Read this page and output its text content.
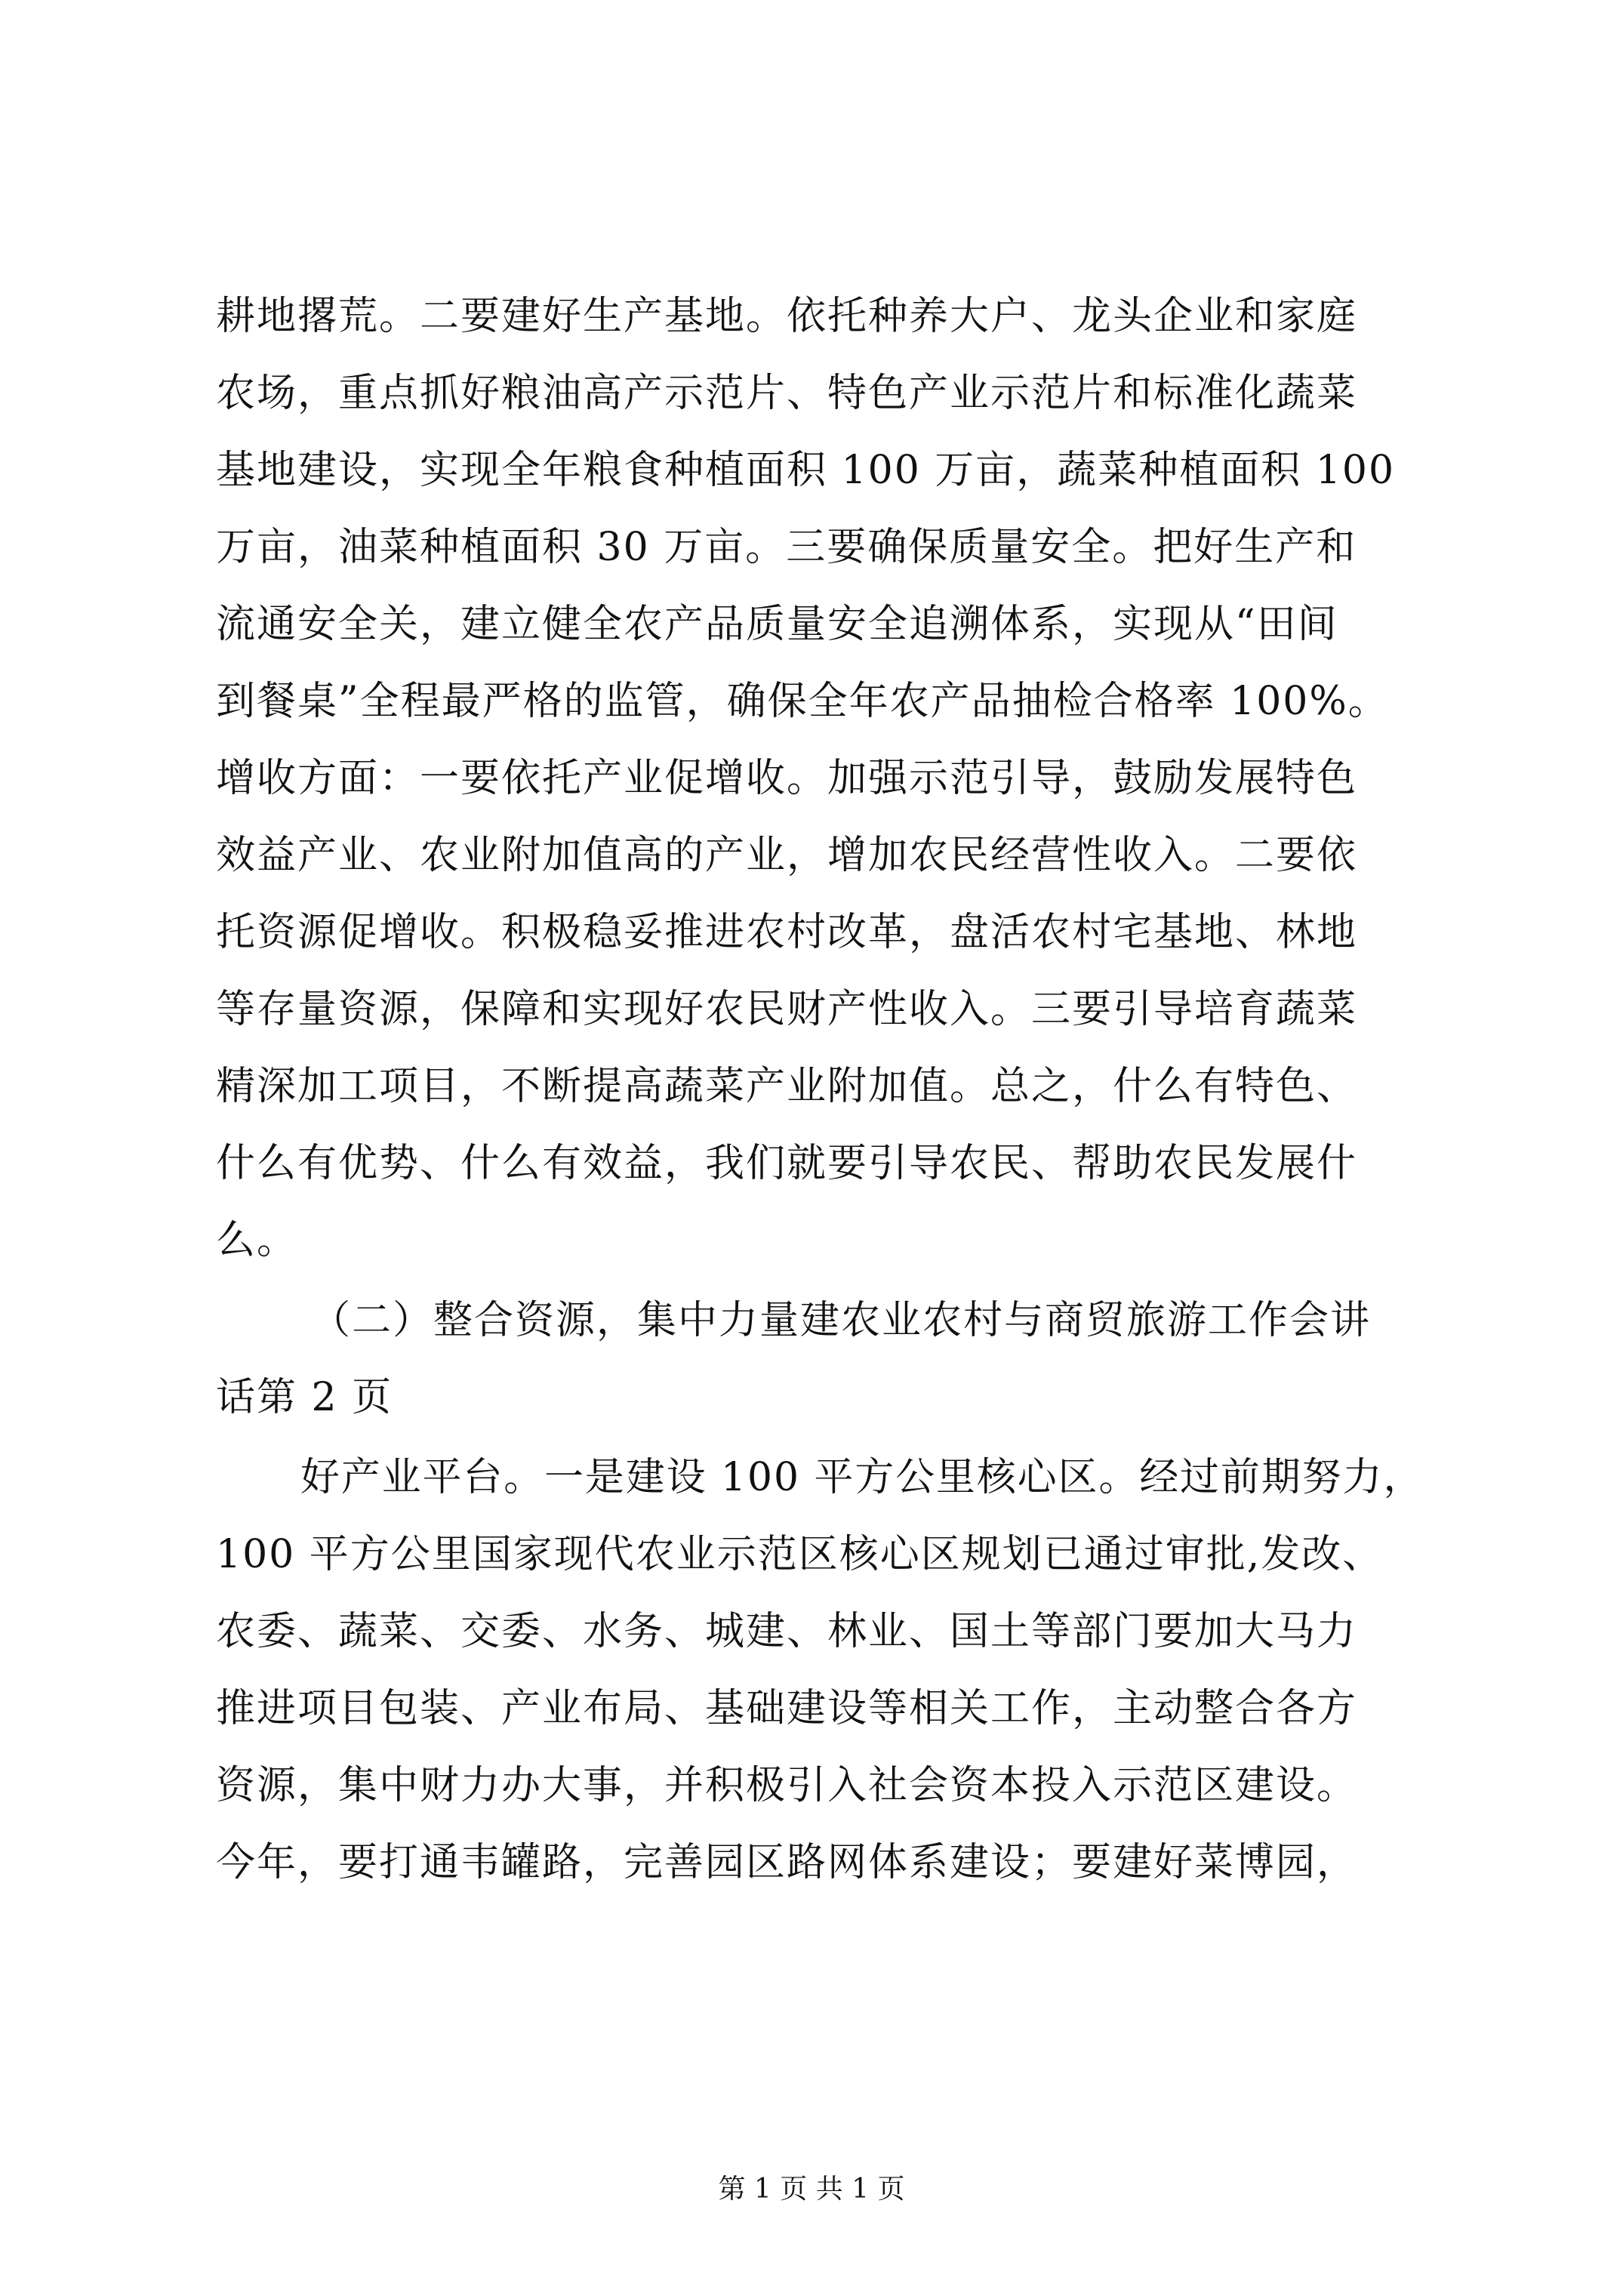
耕地撂荒。二要建好生产基地。依托种养大户、龙头企业和家庭
农场，重点抓好粮油高产示范片、特色产业示范片和标准化蔬菜
基地建设，实现全年粮食种植面积 100 万亩，蔬菜种植面积 100
万亩，油菜种植面积 30 万亩。三要确保质量安全。把好生产和
流通安全关，建立健全农产品质量安全追溯体系，实现从“田间
到餐桌”全程最严格的监管，确保全年农产品抽检合格率 100%。
增收方面：一要依托产业促增收。加强示范引导，鼓励发展特色
效益产业、农业附加值高的产业，增加农民经营性收入。二要依
托资源促增收。积极稳妥推进农村改革，盘活农村宅基地、林地
等存量资源，保障和实现好农民财产性收入。三要引导培育蔬菜
精深加工项目，不断提高蔬菜产业附加值。总之，什么有特色、
什么有优势、什么有效益，我们就要引导农民、帮助农民发展什
么。
（二）整合资源，集中力量建农业农村与商贸旅游工作会讲
话第 2 页
好产业平台。一是建设 100 平方公里核心区。经过前期努力，
100 平方公里国家现代农业示范区核心区规划已通过审批,发改、
农委、蔬菜、交委、水务、城建、林业、国土等部门要加大马力
推进项目包装、产业布局、基础建设等相关工作，主动整合各方
资源，集中财力办大事，并积极引入社会资本投入示范区建设。
今年，要打通韦罐路，完善园区路网体系建设；要建好菜博园，
第 1 页 共 1 页
